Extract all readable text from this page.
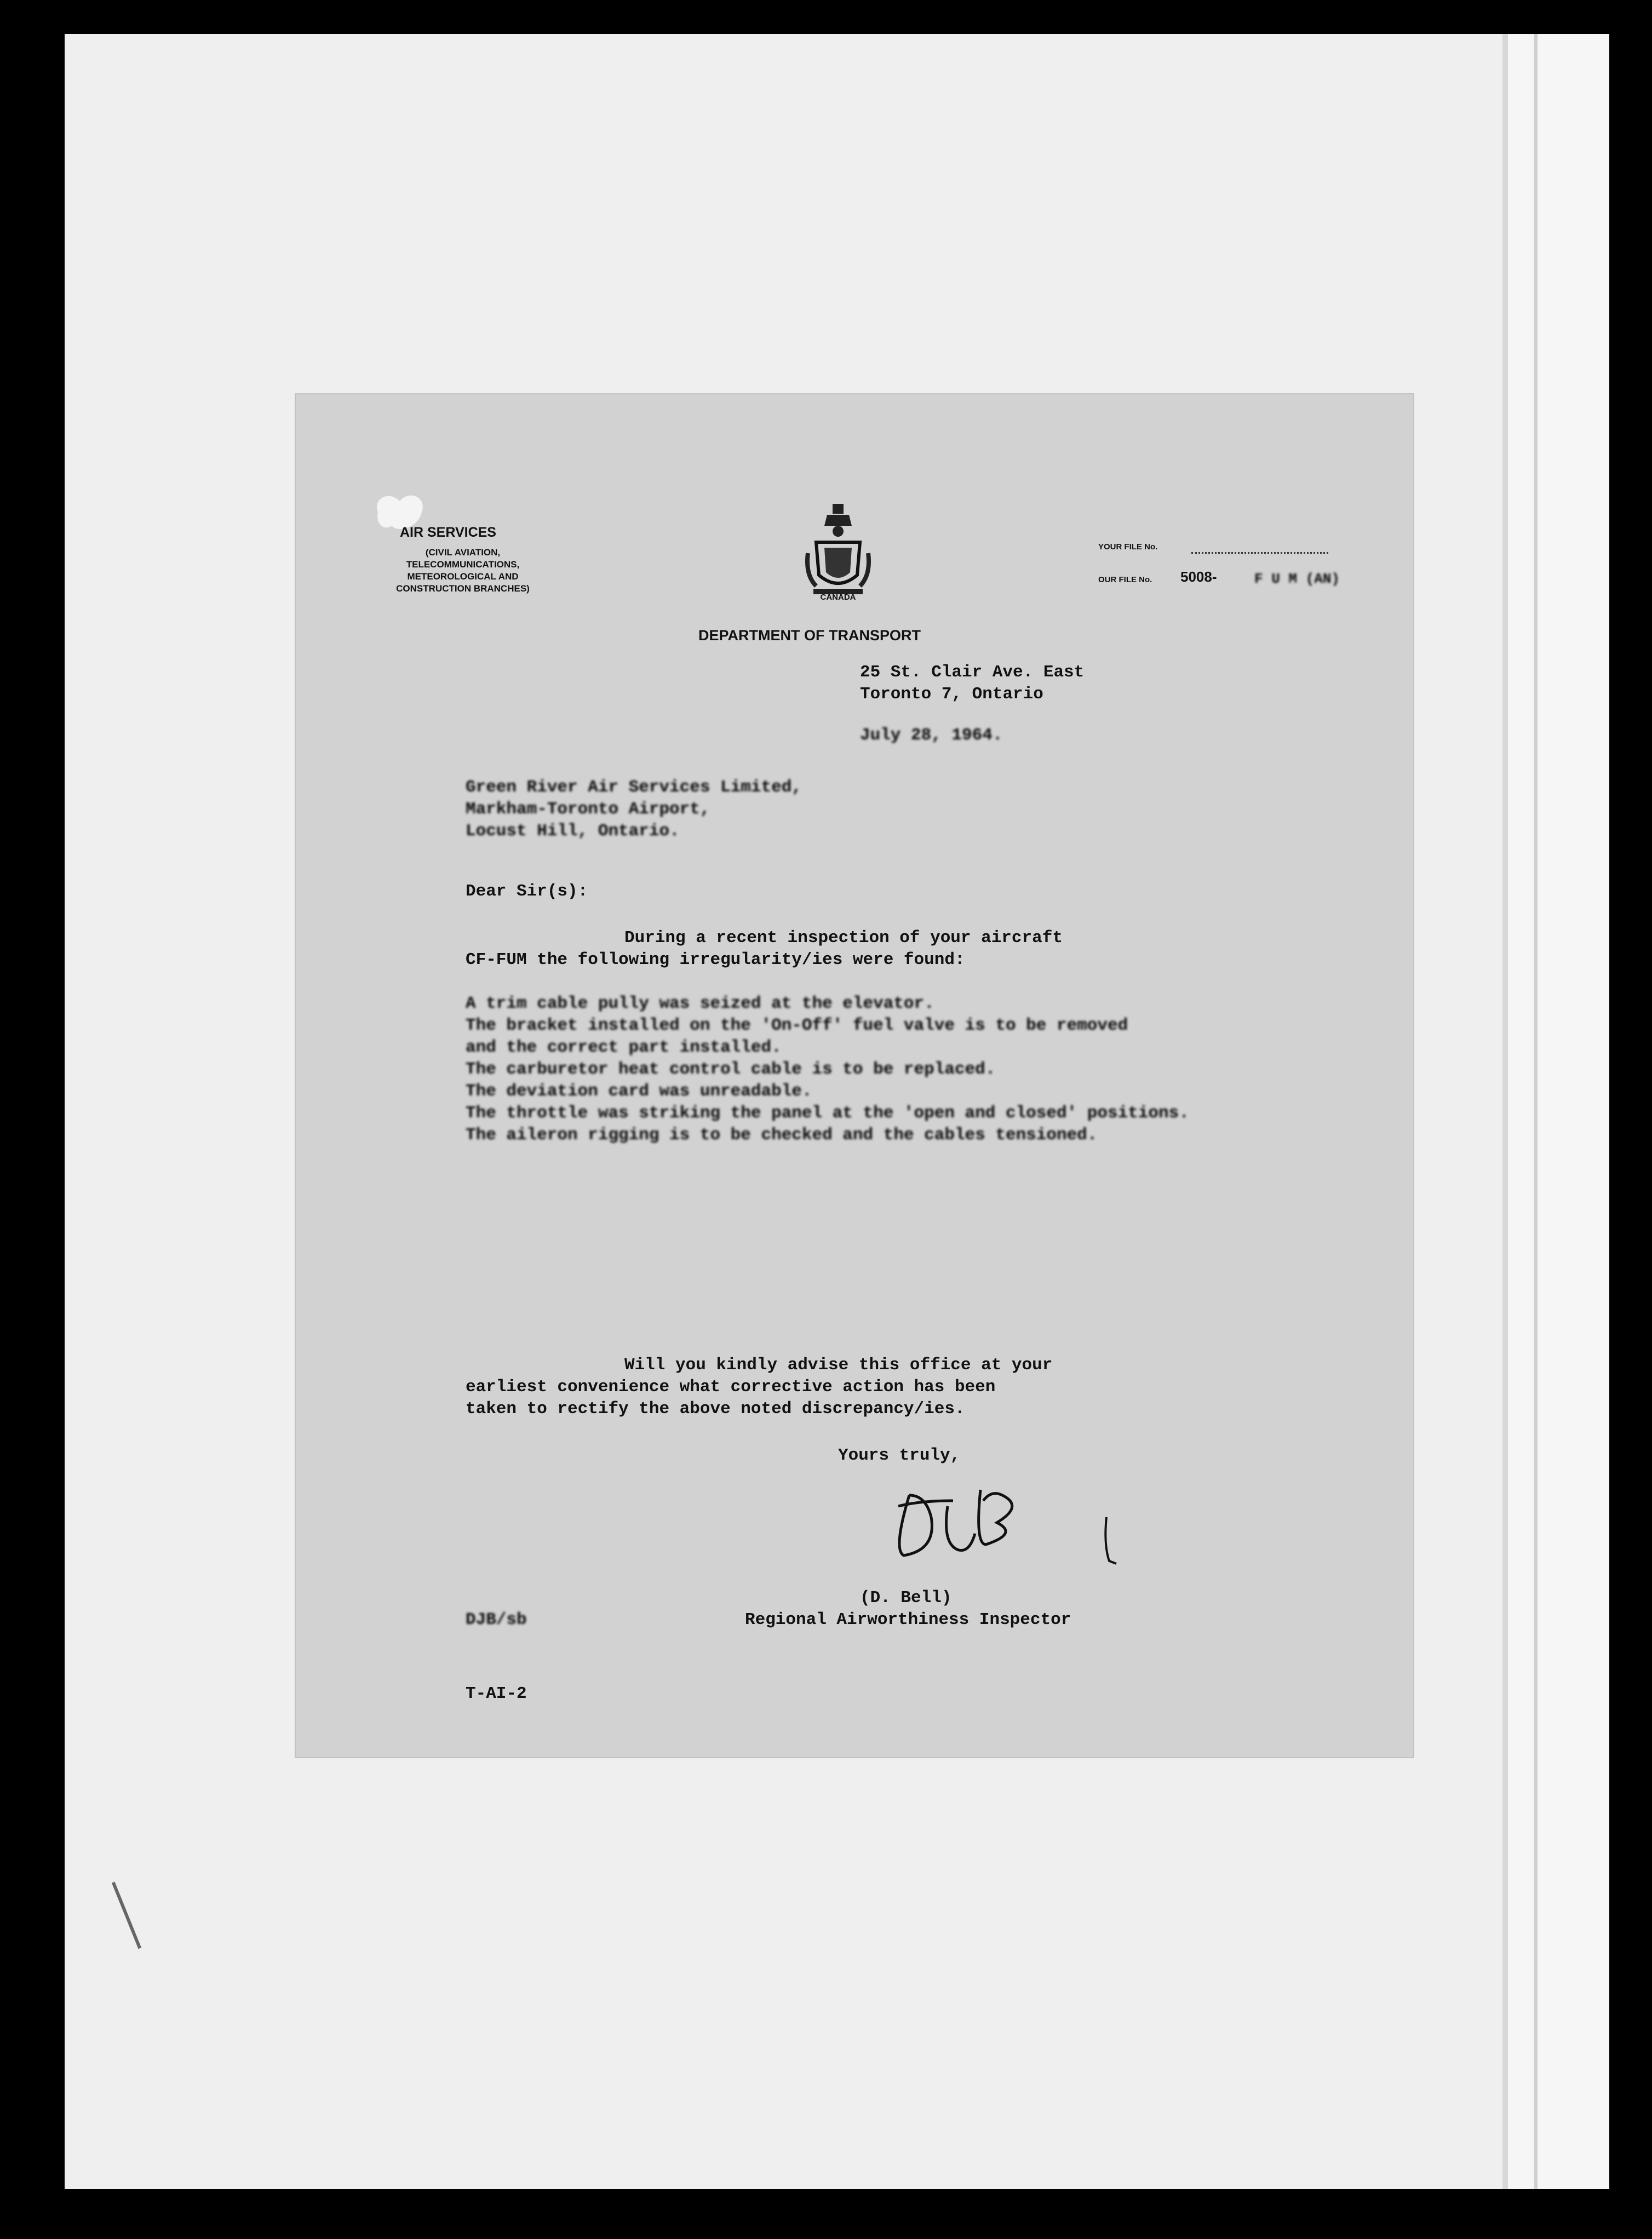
AIR SERVICES
(CIVIL AVIATION, TELECOMMUNICATIONS, METEOROLOGICAL AND CONSTRUCTION BRANCHES)
CANADA
YOUR FILE No.
OUR FILE No. 5008-	F U M (AN)
DEPARTMENT OF TRANSPORT
25 St. Clair Ave. East
Toronto 7, Ontario
July 28, 1964.
Green River Air Services Limited,
Markham-Toronto Airport,
Locust Hill, Ontario.
Dear Sir(s):
During a recent inspection of your aircraft
CF-FUM the following irregularity/ies were found:
A trim cable pully was seized at the elevator.
The bracket installed on the 'On-Off' fuel valve is to be removed
and the correct part installed.
The carburetor heat control cable is to be replaced.
The deviation card was unreadable.
The throttle was striking the panel at the 'open and closed' positions.
The aileron rigging is to be checked and the cables tensioned.
Will you kindly advise this office at your
earliest convenience what corrective action has been
taken to rectify the above noted discrepancy/ies.
Yours truly,
(D. Bell)
Regional Airworthiness Inspector
DJB/sb
T-AI-2
